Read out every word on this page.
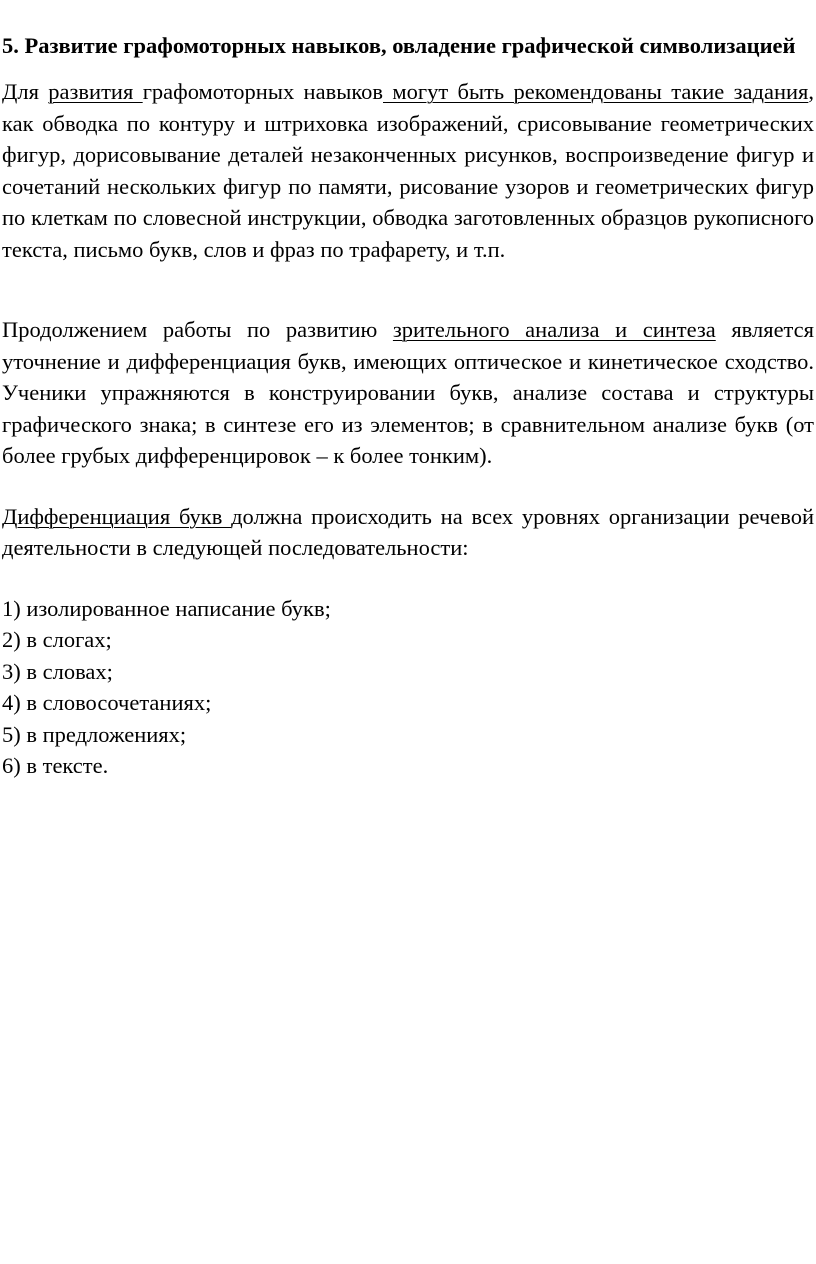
5. Развитие графомоторных навыков, овладение графической символизацией

Для развития графомоторных навыков могут быть рекомендованы такие задания, как обводка по контуру и штриховка изображений, срисовывание геометрических фигур, дорисовывание деталей незаконченных рисунков, воспроизведение фигур и сочетаний нескольких фигур по памяти, рисование узоров и геометрических фигур по клеткам по словесной инструкции, обводка заготовленных образцов рукописного текста, письмо букв, слов и фраз по трафарету, и т.п.

Продолжением работы по развитию зрительного анализа и синтеза является уточнение и дифференциация букв, имеющих оптическое и кинетическое сходство. Ученики упражняются в конструировании букв, анализе состава и структуры графического знака; в синтезе его из элементов; в сравнительном анализе букв (от более грубых дифференцировок – к более тонким).

Дифференциация букв должна происходить на всех уровнях организации речевой деятельности в следующей последовательности:

1) изолированное написание букв;
2) в слогах;
3) в словах;
4) в словосочетаниях;
5) в предложениях;
6) в тексте.
